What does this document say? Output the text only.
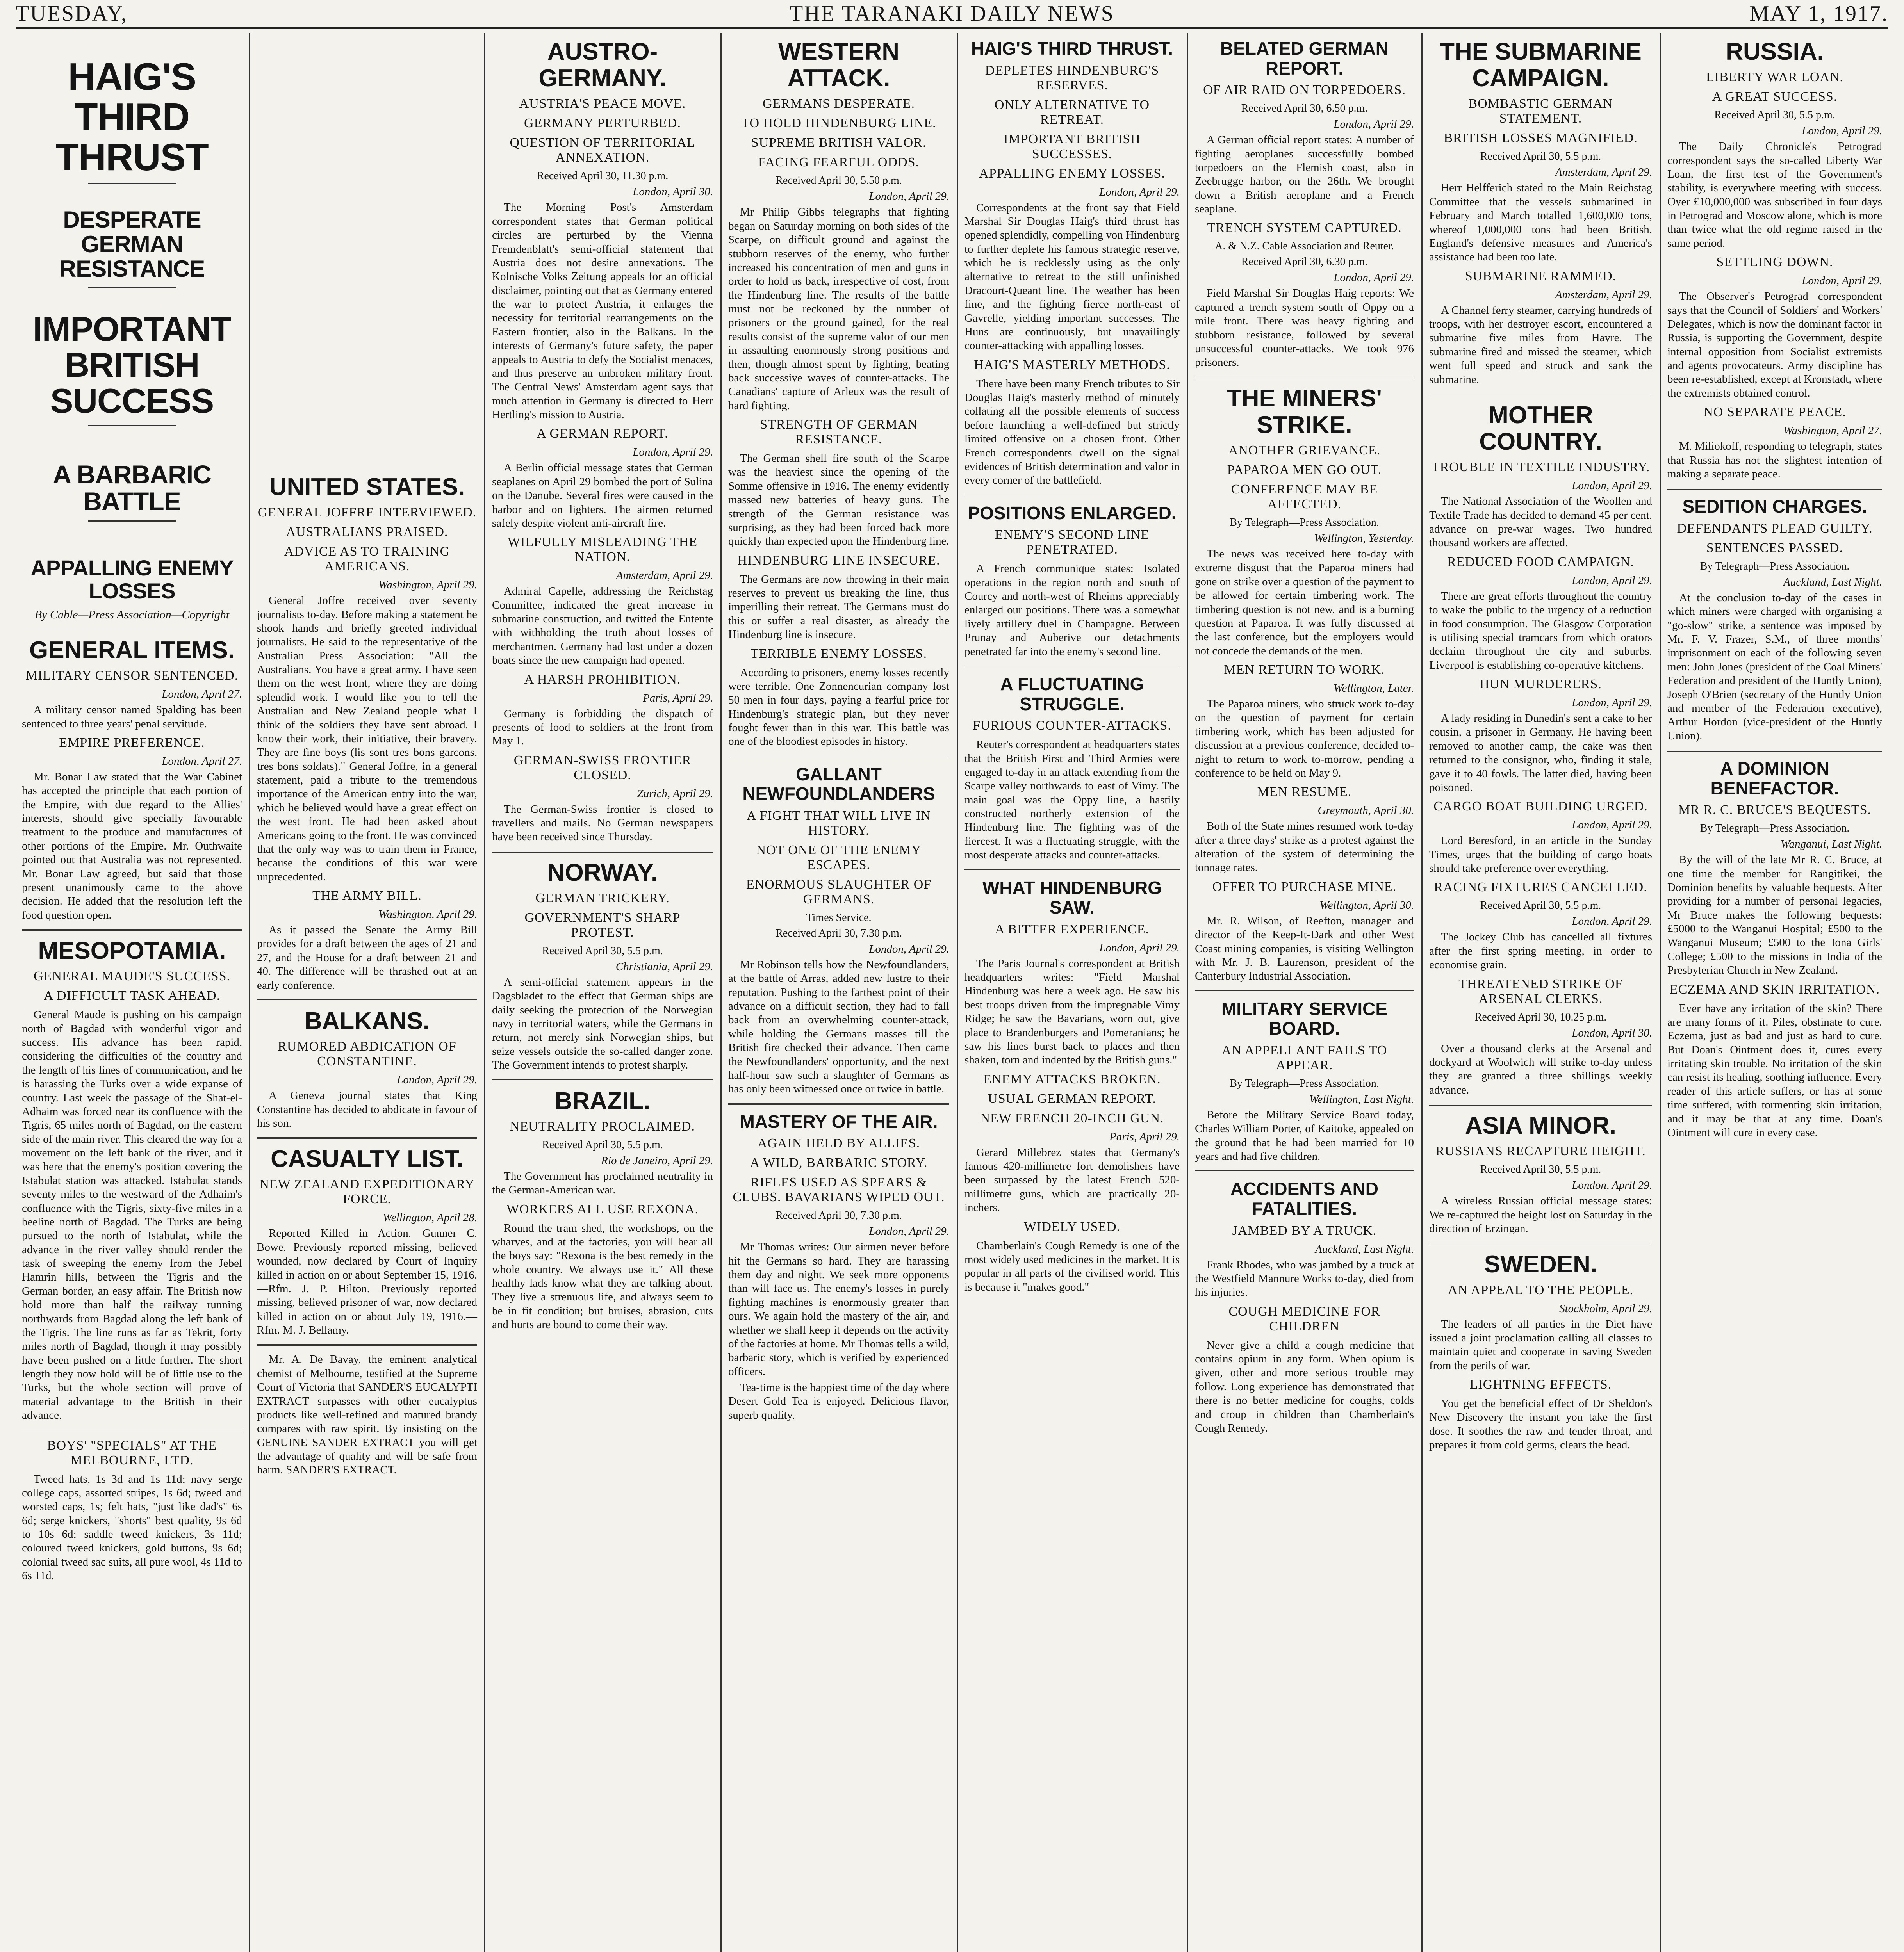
TUESDAY,	THE TARANAKI DAILY NEWS	MAY 1, 1917.
HAIG'S THIRD THRUST
DESPERATE GERMAN RESISTANCE
IMPORTANT BRITISH SUCCESS
A BARBARIC BATTLE
APPALLING ENEMY LOSSES
By Cable—Press Association—Copyright
GENERAL ITEMS.
MILITARY CENSOR SENTENCED.
London, April 27.

A military censor named Spalding has been sentenced to three years' penal servitude.

EMPIRE PREFERENCE.
London, April 27.

Mr. Bonar Law stated that the War Cabinet has accepted the principle that each portion of the Empire, with due regard to the Allies' interests, should give specially favourable treatment to the produce and manufactures of other portions of the Empire. Mr. Outhwaite pointed out that Australia was not represented. Mr. Bonar Law agreed, but said that those present unanimously came to the above decision. He added that the resolution left the food question open.

MESOPOTAMIA.
GENERAL MAUDE'S SUCCESS.
A DIFFICULT TASK AHEAD.

General Maude is pushing on his campaign north of Bagdad with wonderful vigor and success. His advance has been rapid, considering the difficulties of the country and the length of his lines of communication, and he is harassing the Turks over a wide expanse of country. Last week the passage of the Shat-el-Adhaim was forced near its confluence with the Tigris, 65 miles north of Bagdad, on the eastern side of the main river. This cleared the way for a movement on the left bank of the river, and it was here that the enemy's position covering the Istabulat station was attacked. Istabulat stands seventy miles to the westward of the Adhaim's confluence with the Tigris, sixty-five miles in a beeline north of Bagdad. The Turks are being pursued to the north of Istabulat, while the advance in the river valley should render the task of sweeping the enemy from the Jebel Hamrin hills, between the Tigris and the German border, an easy affair. The British now hold more than half the railway running northwards from Bagdad along the left bank of the Tigris. The line runs as far as Tekrit, forty miles north of Bagdad, though it may possibly have been pushed on a little further. The short length they now hold will be of little use to the Turks, but the whole section will prove of material advantage to the British in their advance.

BOYS' "SPECIALS" AT THE MELBOURNE, LTD.

Tweed hats, 1s 3d and 1s 11d; navy serge college caps, assorted stripes, 1s 6d; tweed and worsted caps, 1s; felt hats, "just like dad's" 6s 6d; serge knickers, "shorts" best quality, 9s 6d to 10s 6d; saddle tweed knickers, 3s 11d; coloured tweed knickers, gold buttons, 9s 6d; colonial tweed sac suits, all pure wool, 4s 11d to 6s 11d.

UNITED STATES.
GENERAL JOFFRE INTERVIEWED.
AUSTRALIANS PRAISED.
ADVICE AS TO TRAINING AMERICANS.
Washington, April 29.

General Joffre received over seventy journalists to-day. Before making a statement he shook hands and briefly greeted individual journalists. He said to the representative of the Australian Press Association: "All the Australians. You have a great army. I have seen them on the west front, where they are doing splendid work. I would like you to tell the Australian and New Zealand people what I think of the soldiers they have sent abroad. I know their work, their initiative, their bravery. They are fine boys (lis sont tres bons garcons, tres bons soldats)." General Joffre, in a general statement, paid a tribute to the tremendous importance of the American entry into the war, which he believed would have a great effect on the west front. He had been asked about Americans going to the front. He was convinced that the only way was to train them in France, because the conditions of this war were unprecedented.

THE ARMY BILL.
Washington, April 29.

As it passed the Senate the Army Bill provides for a draft between the ages of 21 and 27, and the House for a draft between 21 and 40. The difference will be thrashed out at an early conference.

BALKANS.
RUMORED ABDICATION OF CONSTANTINE.
London, April 29.

A Geneva journal states that King Constantine has decided to abdicate in favour of his son.

CASUALTY LIST.
NEW ZEALAND EXPEDITIONARY FORCE.
Wellington, April 28.

Reported Killed in Action.—Gunner C. Bowe. Previously reported missing, believed wounded, now declared by Court of Inquiry killed in action on or about September 15, 1916.—Rfm. J. P. Hilton. Previously reported missing, believed prisoner of war, now declared killed in action on or about July 19, 1916.—Rfm. M. J. Bellamy.

Mr. A. De Bavay, the eminent analytical chemist of Melbourne, testified at the Supreme Court of Victoria that SANDER'S EUCALYPTI EXTRACT surpasses with other eucalyptus products like well-refined and matured brandy compares with raw spirit. By insisting on the GENUINE SANDER EXTRACT you will get the advantage of quality and will be safe from harm. SANDER'S EXTRACT.

AUSTRO-GERMANY.
AUSTRIA'S PEACE MOVE.
GERMANY PERTURBED.
QUESTION OF TERRITORIAL ANNEXATION.
Received April 30, 11.30 p.m.
London, April 30.

The Morning Post's Amsterdam correspondent states that German political circles are perturbed by the Vienna Fremdenblatt's semi-official statement that Austria does not desire annexations. The Kolnische Volks Zeitung appeals for an official disclaimer, pointing out that as Germany entered the war to protect Austria, it enlarges the necessity for territorial rearrangements on the Eastern frontier, also in the Balkans. In the interests of Germany's future safety, the paper appeals to Austria to defy the Socialist menaces, and thus preserve an unbroken military front. The Central News' Amsterdam agent says that much attention in Germany is directed to Herr Hertling's mission to Austria.

A GERMAN REPORT.
London, April 29.

A Berlin official message states that German seaplanes on April 29 bombed the port of Sulina on the Danube. Several fires were caused in the harbor and on lighters. The airmen returned safely despite violent anti-aircraft fire.

WILFULLY MISLEADING THE NATION.
Amsterdam, April 29.

Admiral Capelle, addressing the Reichstag Committee, indicated the great increase in submarine construction, and twitted the Entente with withholding the truth about losses of merchantmen. Germany had lost under a dozen boats since the new campaign had opened.

A HARSH PROHIBITION.
Paris, April 29.

Germany is forbidding the dispatch of presents of food to soldiers at the front from May 1.

GERMAN-SWISS FRONTIER CLOSED.
Zurich, April 29.

The German-Swiss frontier is closed to travellers and mails. No German newspapers have been received since Thursday.

NORWAY.
GERMAN TRICKERY.
GOVERNMENT'S SHARP PROTEST.
Received April 30, 5.5 p.m.
Christiania, April 29.

A semi-official statement appears in the Dagsbladet to the effect that German ships are daily seeking the protection of the Norwegian navy in territorial waters, while the Germans in return, not merely sink Norwegian ships, but seize vessels outside the so-called danger zone. The Government intends to protest sharply.

BRAZIL.
NEUTRALITY PROCLAIMED.
Received April 30, 5.5 p.m.
Rio de Janeiro, April 29.

The Government has proclaimed neutrality in the German-American war.

WORKERS ALL USE REXONA.

Round the tram shed, the workshops, on the wharves, and at the factories, you will hear all the boys say: "Rexona is the best remedy in the whole country. We always use it." All these healthy lads know what they are talking about. They live a strenuous life, and always seem to be in fit condition; but bruises, abrasion, cuts and hurts are bound to come their way.

WESTERN ATTACK.
GERMANS DESPERATE.
TO HOLD HINDENBURG LINE.
SUPREME BRITISH VALOR.
FACING FEARFUL ODDS.
Received April 30, 5.50 p.m.
London, April 29.

Mr Philip Gibbs telegraphs that fighting began on Saturday morning on both sides of the Scarpe, on difficult ground and against the stubborn reserves of the enemy, who further increased his concentration of men and guns in order to hold us back, irrespective of cost, from the Hindenburg line. The results of the battle must not be reckoned by the number of prisoners or the ground gained, for the real results consist of the supreme valor of our men in assaulting enormously strong positions and then, though almost spent by fighting, beating back successive waves of counter-attacks. The Canadians' capture of Arleux was the result of hard fighting.

STRENGTH OF GERMAN RESISTANCE.

The German shell fire south of the Scarpe was the heaviest since the opening of the Somme offensive in 1916. The enemy evidently massed new batteries of heavy guns. The strength of the German resistance was surprising, as they had been forced back more quickly than expected upon the Hindenburg line.

HINDENBURG LINE INSECURE.

The Germans are now throwing in their main reserves to prevent us breaking the line, thus imperilling their retreat. The Germans must do this or suffer a real disaster, as already the Hindenburg line is insecure.

TERRIBLE ENEMY LOSSES.

According to prisoners, enemy losses recently were terrible. One Zonnencurian company lost 50 men in four days, paying a fearful price for Hindenburg's strategic plan, but they never fought fewer than in this war. This battle was one of the bloodiest episodes in history.

GALLANT NEWFOUNDLANDERS
A FIGHT THAT WILL LIVE IN HISTORY.
NOT ONE OF THE ENEMY ESCAPES.
ENORMOUS SLAUGHTER OF GERMANS.
Times Service.
Received April 30, 7.30 p.m.
London, April 29.

Mr Robinson tells how the Newfoundlanders, at the battle of Arras, added new lustre to their reputation. Pushing to the farthest point of their advance on a difficult section, they had to fall back from an overwhelming counter-attack, while holding the Germans masses till the British fire checked their advance. Then came the Newfoundlanders' opportunity, and the next half-hour saw such a slaughter of Germans as has only been witnessed once or twice in battle.

MASTERY OF THE AIR.
AGAIN HELD BY ALLIES.
A WILD, BARBARIC STORY.
RIFLES USED AS SPEARS & CLUBS. BAVARIANS WIPED OUT.
Received April 30, 7.30 p.m.
London, April 29.

Mr Thomas writes: Our airmen never before hit the Germans so hard. They are harassing them day and night. We seek more opponents than will face us. The enemy's losses in purely fighting machines is enormously greater than ours. We again hold the mastery of the air, and whether we shall keep it depends on the activity of the factories at home. Mr Thomas tells a wild, barbaric story, which is verified by experienced officers.

Tea-time is the happiest time of the day where Desert Gold Tea is enjoyed. Delicious flavor, superb quality.

HAIG'S THIRD THRUST.
DEPLETES HINDENBURG'S RESERVES.
ONLY ALTERNATIVE TO RETREAT.
IMPORTANT BRITISH SUCCESSES.
APPALLING ENEMY LOSSES.
London, April 29.

Correspondents at the front say that Field Marshal Sir Douglas Haig's third thrust has opened splendidly, compelling von Hindenburg to further deplete his famous strategic reserve, which he is recklessly using as the only alternative to retreat to the still unfinished Dracourt-Queant line. The weather has been fine, and the fighting fierce north-east of Gavrelle, yielding important successes. The Huns are continuously, but unavailingly counter-attacking with appalling losses.

HAIG'S MASTERLY METHODS.

There have been many French tributes to Sir Douglas Haig's masterly method of minutely collating all the possible elements of success before launching a well-defined but strictly limited offensive on a chosen front. Other French correspondents dwell on the signal evidences of British determination and valor in every corner of the battlefield.

POSITIONS ENLARGED.
ENEMY'S SECOND LINE PENETRATED.

A French communique states: Isolated operations in the region north and south of Courcy and north-west of Rheims appreciably enlarged our positions. There was a somewhat lively artillery duel in Champagne. Between Prunay and Auberive our detachments penetrated far into the enemy's second line.

A FLUCTUATING STRUGGLE.
FURIOUS COUNTER-ATTACKS.

Reuter's correspondent at headquarters states that the British First and Third Armies were engaged to-day in an attack extending from the Scarpe valley northwards to east of Vimy. The main goal was the Oppy line, a hastily constructed northerly extension of the Hindenburg line. The fighting was of the fiercest. It was a fluctuating struggle, with the most desperate attacks and counter-attacks.

WHAT HINDENBURG SAW.
A BITTER EXPERIENCE.
London, April 29.

The Paris Journal's correspondent at British headquarters writes: "Field Marshal Hindenburg was here a week ago. He saw his best troops driven from the impregnable Vimy Ridge; he saw the Bavarians, worn out, give place to Brandenburgers and Pomeranians; he saw his lines burst back to places and then shaken, torn and indented by the British guns."

ENEMY ATTACKS BROKEN.
USUAL GERMAN REPORT.
NEW FRENCH 20-INCH GUN.
Paris, April 29.

Gerard Millebrez states that Germany's famous 420-millimetre fort demolishers have been surpassed by the latest French 520-millimetre guns, which are practically 20-inchers.

WIDELY USED.

Chamberlain's Cough Remedy is one of the most widely used medicines in the market. It is popular in all parts of the civilised world. This is because it "makes good."

BELATED GERMAN REPORT.
OF AIR RAID ON TORPEDOERS.
Received April 30, 6.50 p.m.
London, April 29.

A German official report states: A number of fighting aeroplanes successfully bombed torpedoers on the Flemish coast, also in Zeebrugge harbor, on the 26th. We brought down a British aeroplane and a French seaplane.

TRENCH SYSTEM CAPTURED.
A. & N.Z. Cable Association and Reuter.
Received April 30, 6.30 p.m.
London, April 29.

Field Marshal Sir Douglas Haig reports: We captured a trench system south of Oppy on a mile front. There was heavy fighting and stubborn resistance, followed by several unsuccessful counter-attacks. We took 976 prisoners.

THE MINERS' STRIKE.
ANOTHER GRIEVANCE.
PAPAROA MEN GO OUT.
CONFERENCE MAY BE AFFECTED.
By Telegraph—Press Association.
Wellington, Yesterday.

The news was received here to-day with extreme disgust that the Paparoa miners had gone on strike over a question of the payment to be allowed for certain timbering work. The timbering question is not new, and is a burning question at Paparoa. It was fully discussed at the last conference, but the employers would not concede the demands of the men.

MEN RETURN TO WORK.
Wellington, Later.

The Paparoa miners, who struck work to-day on the question of payment for certain timbering work, which has been adjusted for discussion at a previous conference, decided to-night to return to work to-morrow, pending a conference to be held on May 9.

MEN RESUME.
Greymouth, April 30.

Both of the State mines resumed work to-day after a three days' strike as a protest against the alteration of the system of determining the tonnage rates.

OFFER TO PURCHASE MINE.
Wellington, April 30.

Mr. R. Wilson, of Reefton, manager and director of the Keep-It-Dark and other West Coast mining companies, is visiting Wellington with Mr. J. B. Laurenson, president of the Canterbury Industrial Association.

MILITARY SERVICE BOARD.
AN APPELLANT FAILS TO APPEAR.
By Telegraph—Press Association.
Wellington, Last Night.

Before the Military Service Board today, Charles William Porter, of Kaitoke, appealed on the ground that he had been married for 10 years and had five children.

ACCIDENTS AND FATALITIES.
JAMBED BY A TRUCK.
Auckland, Last Night.

Frank Rhodes, who was jambed by a truck at the Westfield Mannure Works to-day, died from his injuries.

COUGH MEDICINE FOR CHILDREN

Never give a child a cough medicine that contains opium in any form. When opium is given, other and more serious trouble may follow. Long experience has demonstrated that there is no better medicine for coughs, colds and croup in children than Chamberlain's Cough Remedy.

THE SUBMARINE CAMPAIGN.
BOMBASTIC GERMAN STATEMENT.
BRITISH LOSSES MAGNIFIED.
Received April 30, 5.5 p.m.
Amsterdam, April 29.

Herr Helfferich stated to the Main Reichstag Committee that the vessels submarined in February and March totalled 1,600,000 tons, whereof 1,000,000 tons had been British. England's defensive measures and America's assistance had been too late.

SUBMARINE RAMMED.
Amsterdam, April 29.

A Channel ferry steamer, carrying hundreds of troops, with her destroyer escort, encountered a submarine five miles from Havre. The submarine fired and missed the steamer, which went full speed and struck and sank the submarine.

MOTHER COUNTRY.
TROUBLE IN TEXTILE INDUSTRY.
London, April 29.

The National Association of the Woollen and Textile Trade has decided to demand 45 per cent. advance on pre-war wages. Two hundred thousand workers are affected.

REDUCED FOOD CAMPAIGN.
London, April 29.

There are great efforts throughout the country to wake the public to the urgency of a reduction in food consumption. The Glasgow Corporation is utilising special tramcars from which orators declaim throughout the city and suburbs. Liverpool is establishing co-operative kitchens.

HUN MURDERERS.
London, April 29.

A lady residing in Dunedin's sent a cake to her cousin, a prisoner in Germany. He having been removed to another camp, the cake was then returned to the consignor, who, finding it stale, gave it to 40 fowls. The latter died, having been poisoned.

CARGO BOAT BUILDING URGED.
London, April 29.

Lord Beresford, in an article in the Sunday Times, urges that the building of cargo boats should take preference over everything.

RACING FIXTURES CANCELLED.
Received April 30, 5.5 p.m.
London, April 29.

The Jockey Club has cancelled all fixtures after the first spring meeting, in order to economise grain.

THREATENED STRIKE OF ARSENAL CLERKS.
Received April 30, 10.25 p.m.
London, April 30.

Over a thousand clerks at the Arsenal and dockyard at Woolwich will strike to-day unless they are granted a three shillings weekly advance.

ASIA MINOR.
RUSSIANS RECAPTURE HEIGHT.
Received April 30, 5.5 p.m.
London, April 29.

A wireless Russian official message states: We re-captured the height lost on Saturday in the direction of Erzingan.

SWEDEN.
AN APPEAL TO THE PEOPLE.
Stockholm, April 29.

The leaders of all parties in the Diet have issued a joint proclamation calling all classes to maintain quiet and cooperate in saving Sweden from the perils of war.

LIGHTNING EFFECTS.

You get the beneficial effect of Dr Sheldon's New Discovery the instant you take the first dose. It soothes the raw and tender throat, and prepares it from cold germs, clears the head.

RUSSIA.
LIBERTY WAR LOAN.
A GREAT SUCCESS.
Received April 30, 5.5 p.m.
London, April 29.

The Daily Chronicle's Petrograd correspondent says the so-called Liberty War Loan, the first test of the Government's stability, is everywhere meeting with success. Over £10,000,000 was subscribed in four days in Petrograd and Moscow alone, which is more than twice what the old regime raised in the same period.

SETTLING DOWN.
London, April 29.

The Observer's Petrograd correspondent says that the Council of Soldiers' and Workers' Delegates, which is now the dominant factor in Russia, is supporting the Government, despite internal opposition from Socialist extremists and agents provocateurs. Army discipline has been re-established, except at Kronstadt, where the extremists obtained control.

NO SEPARATE PEACE.
Washington, April 27.

M. Miliokoff, responding to telegraph, states that Russia has not the slightest intention of making a separate peace.

SEDITION CHARGES.
DEFENDANTS PLEAD GUILTY.
SENTENCES PASSED.
By Telegraph—Press Association.
Auckland, Last Night.

At the conclusion to-day of the cases in which miners were charged with organising a "go-slow" strike, a sentence was imposed by Mr. F. V. Frazer, S.M., of three months' imprisonment on each of the following seven men: John Jones (president of the Coal Miners' Federation and president of the Huntly Union), Joseph O'Brien (secretary of the Huntly Union and member of the Federation executive), Arthur Hordon (vice-president of the Huntly Union).

A DOMINION BENEFACTOR.
MR R. C. BRUCE'S BEQUESTS.
By Telegraph—Press Association.
Wanganui, Last Night.

By the will of the late Mr R. C. Bruce, at one time the member for Rangitikei, the Dominion benefits by valuable bequests. After providing for a number of personal legacies, Mr Bruce makes the following bequests: £5000 to the Wanganui Hospital; £500 to the Wanganui Museum; £500 to the Iona Girls' College; £500 to the missions in India of the Presbyterian Church in New Zealand.

ECZEMA AND SKIN IRRITATION.

Ever have any irritation of the skin? There are many forms of it. Piles, obstinate to cure. Eczema, just as bad and just as hard to cure. But Doan's Ointment does it, cures every irritating skin trouble. No irritation of the skin can resist its healing, soothing influence. Every reader of this article suffers, or has at some time suffered, with tormenting skin irritation, and it may be that at any time. Doan's Ointment will cure in every case.
